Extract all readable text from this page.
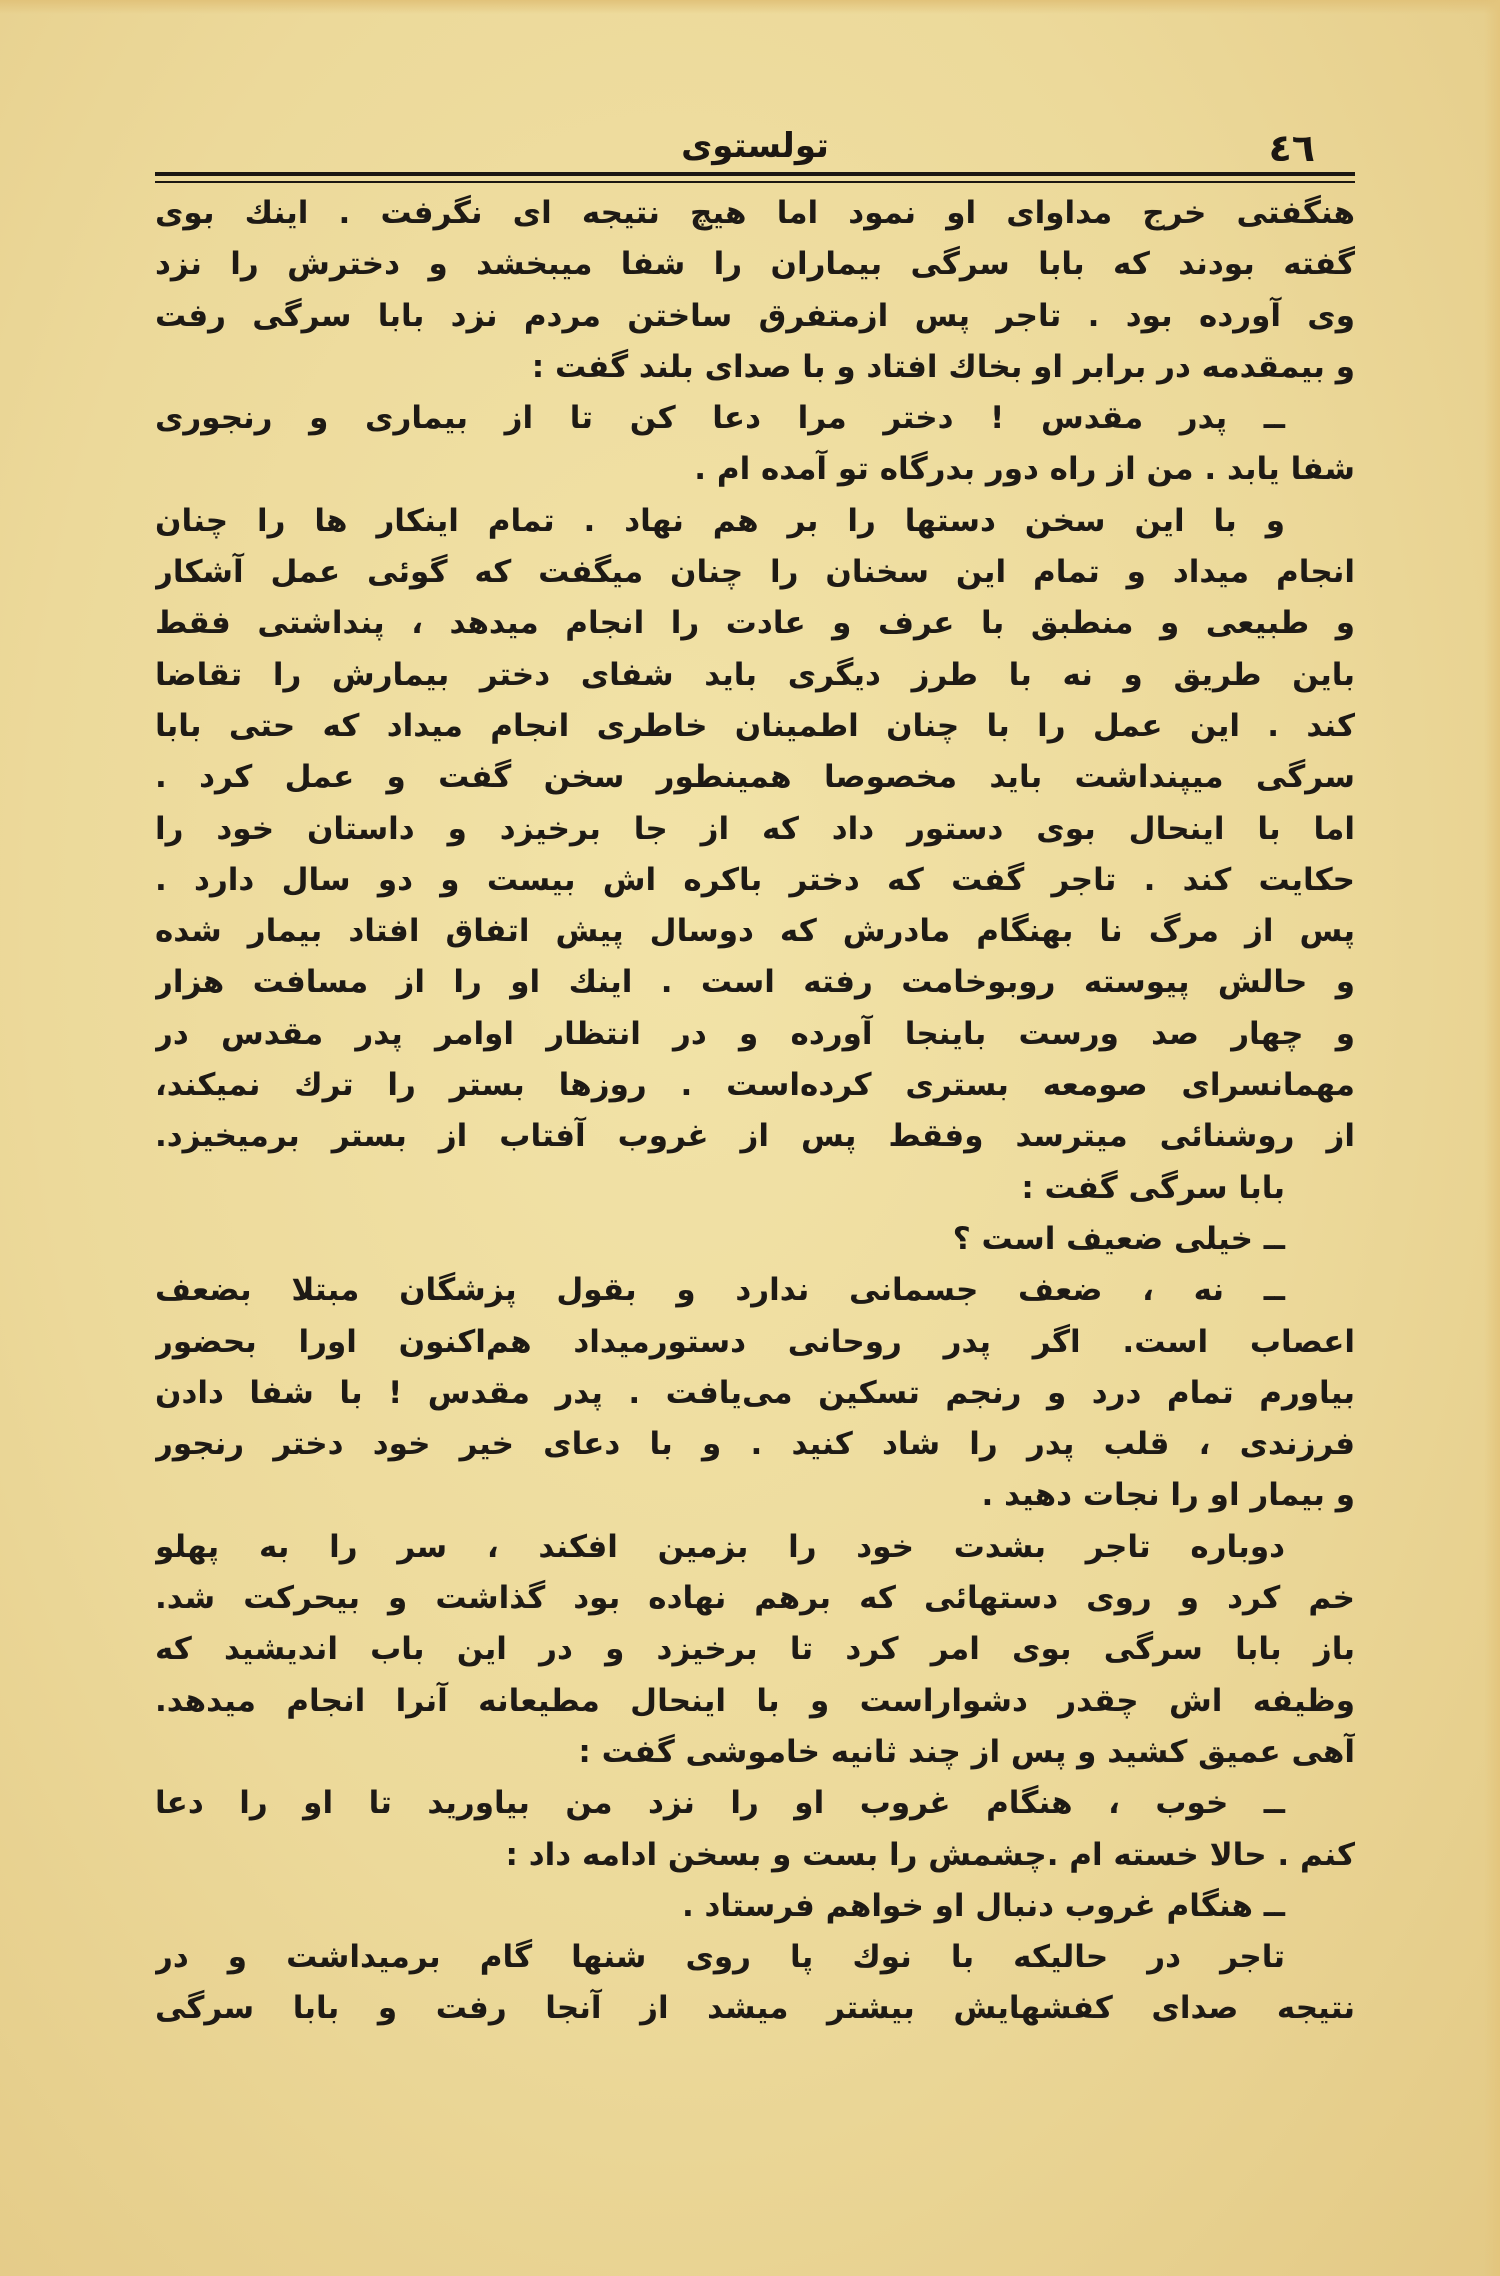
تولستوی	٤٦
هنگفتی خرج مداوای او نمود اما هیچ نتیجه ای نگرفت . اینك بوی
گفته بودند که بابا سرگی بیماران را شفا میبخشد و دخترش را نزد
وی آورده بود . تاجر پس ازمتفرق ساختن مردم نزد بابا سرگی رفت
و بیمقدمه در برابر او بخاك افتاد و با صدای بلند گفت :
ــ پدر مقدس ! دختر مرا دعا کن تا از بیماری و رنجوری
شفا یابد . من از راه دور بدرگاه تو آمده ام .
و با این سخن دستها را بر هم نهاد . تمام اینکار ها را چنان
انجام میداد و تمام این سخنان را چنان میگفت که گوئی عمل آشکار
و طبیعی و منطبق با عرف و عادت را انجام میدهد ، پنداشتی فقط
باین طریق و نه با طرز دیگری باید شفای دختر بیمارش را تقاضا
کند . این عمل را با چنان اطمینان خاطری انجام میداد که حتی بابا
سرگی میپنداشت باید مخصوصا همینطور سخن گفت و عمل کرد .
اما با اینحال بوی دستور داد که از جا برخیزد و داستان خود را
حکایت کند . تاجر گفت که دختر باکره اش بیست و دو سال دارد .
پس از مرگ نا بهنگام مادرش که دوسال پیش اتفاق افتاد بیمار شده
و حالش پیوسته روبوخامت رفته است . اینك او را از مسافت هزار
و چهار صد ورست باینجا آورده و در انتظار اوامر پدر مقدس در
مهمانسرای صومعه بستری کرده‌است . روزها بستر را ترك نمیکند،
از روشنائی میترسد وفقط پس از غروب آفتاب از بستر برمیخیزد.
بابا سرگی گفت :
ــ خیلی ضعیف است ؟
ــ نه ، ضعف جسمانی ندارد و بقول پزشگان مبتلا بضعف
اعصاب است. اگر پدر روحانی دستورمیداد هم‌اکنون اورا بحضور
بیاورم تمام درد و رنجم تسکین می‌یافت . پدر مقدس ! با شفا دادن
فرزندی ، قلب پدر را شاد کنید . و با دعای خیر خود دختر رنجور
و بیمار او را نجات دهید .
دوباره تاجر بشدت خود را بزمین افکند ، سر را به پهلو
خم کرد و روی دستهائی که برهم نهاده بود گذاشت و بیحرکت شد.
باز بابا سرگی بوی امر کرد تا برخیزد و در این باب اندیشید که
وظیفه اش چقدر دشوار‌است و با اینحال مطیعانه آنرا انجام میدهد.
آهی عمیق کشید و پس از چند ثانیه خاموشی گفت :
ــ خوب ، هنگام غروب او را نزد من بیاورید تا او را دعا
کنم . حالا خسته ام .چشمش را بست و بسخن ادامه داد :
ــ هنگام غروب دنبال او خواهم فرستاد .
تاجر در حالیکه با نوك پا روی شنها گام برمیداشت و در
نتیجه صدای کفشهایش بیشتر میشد از آنجا رفت و بابا سرگی
